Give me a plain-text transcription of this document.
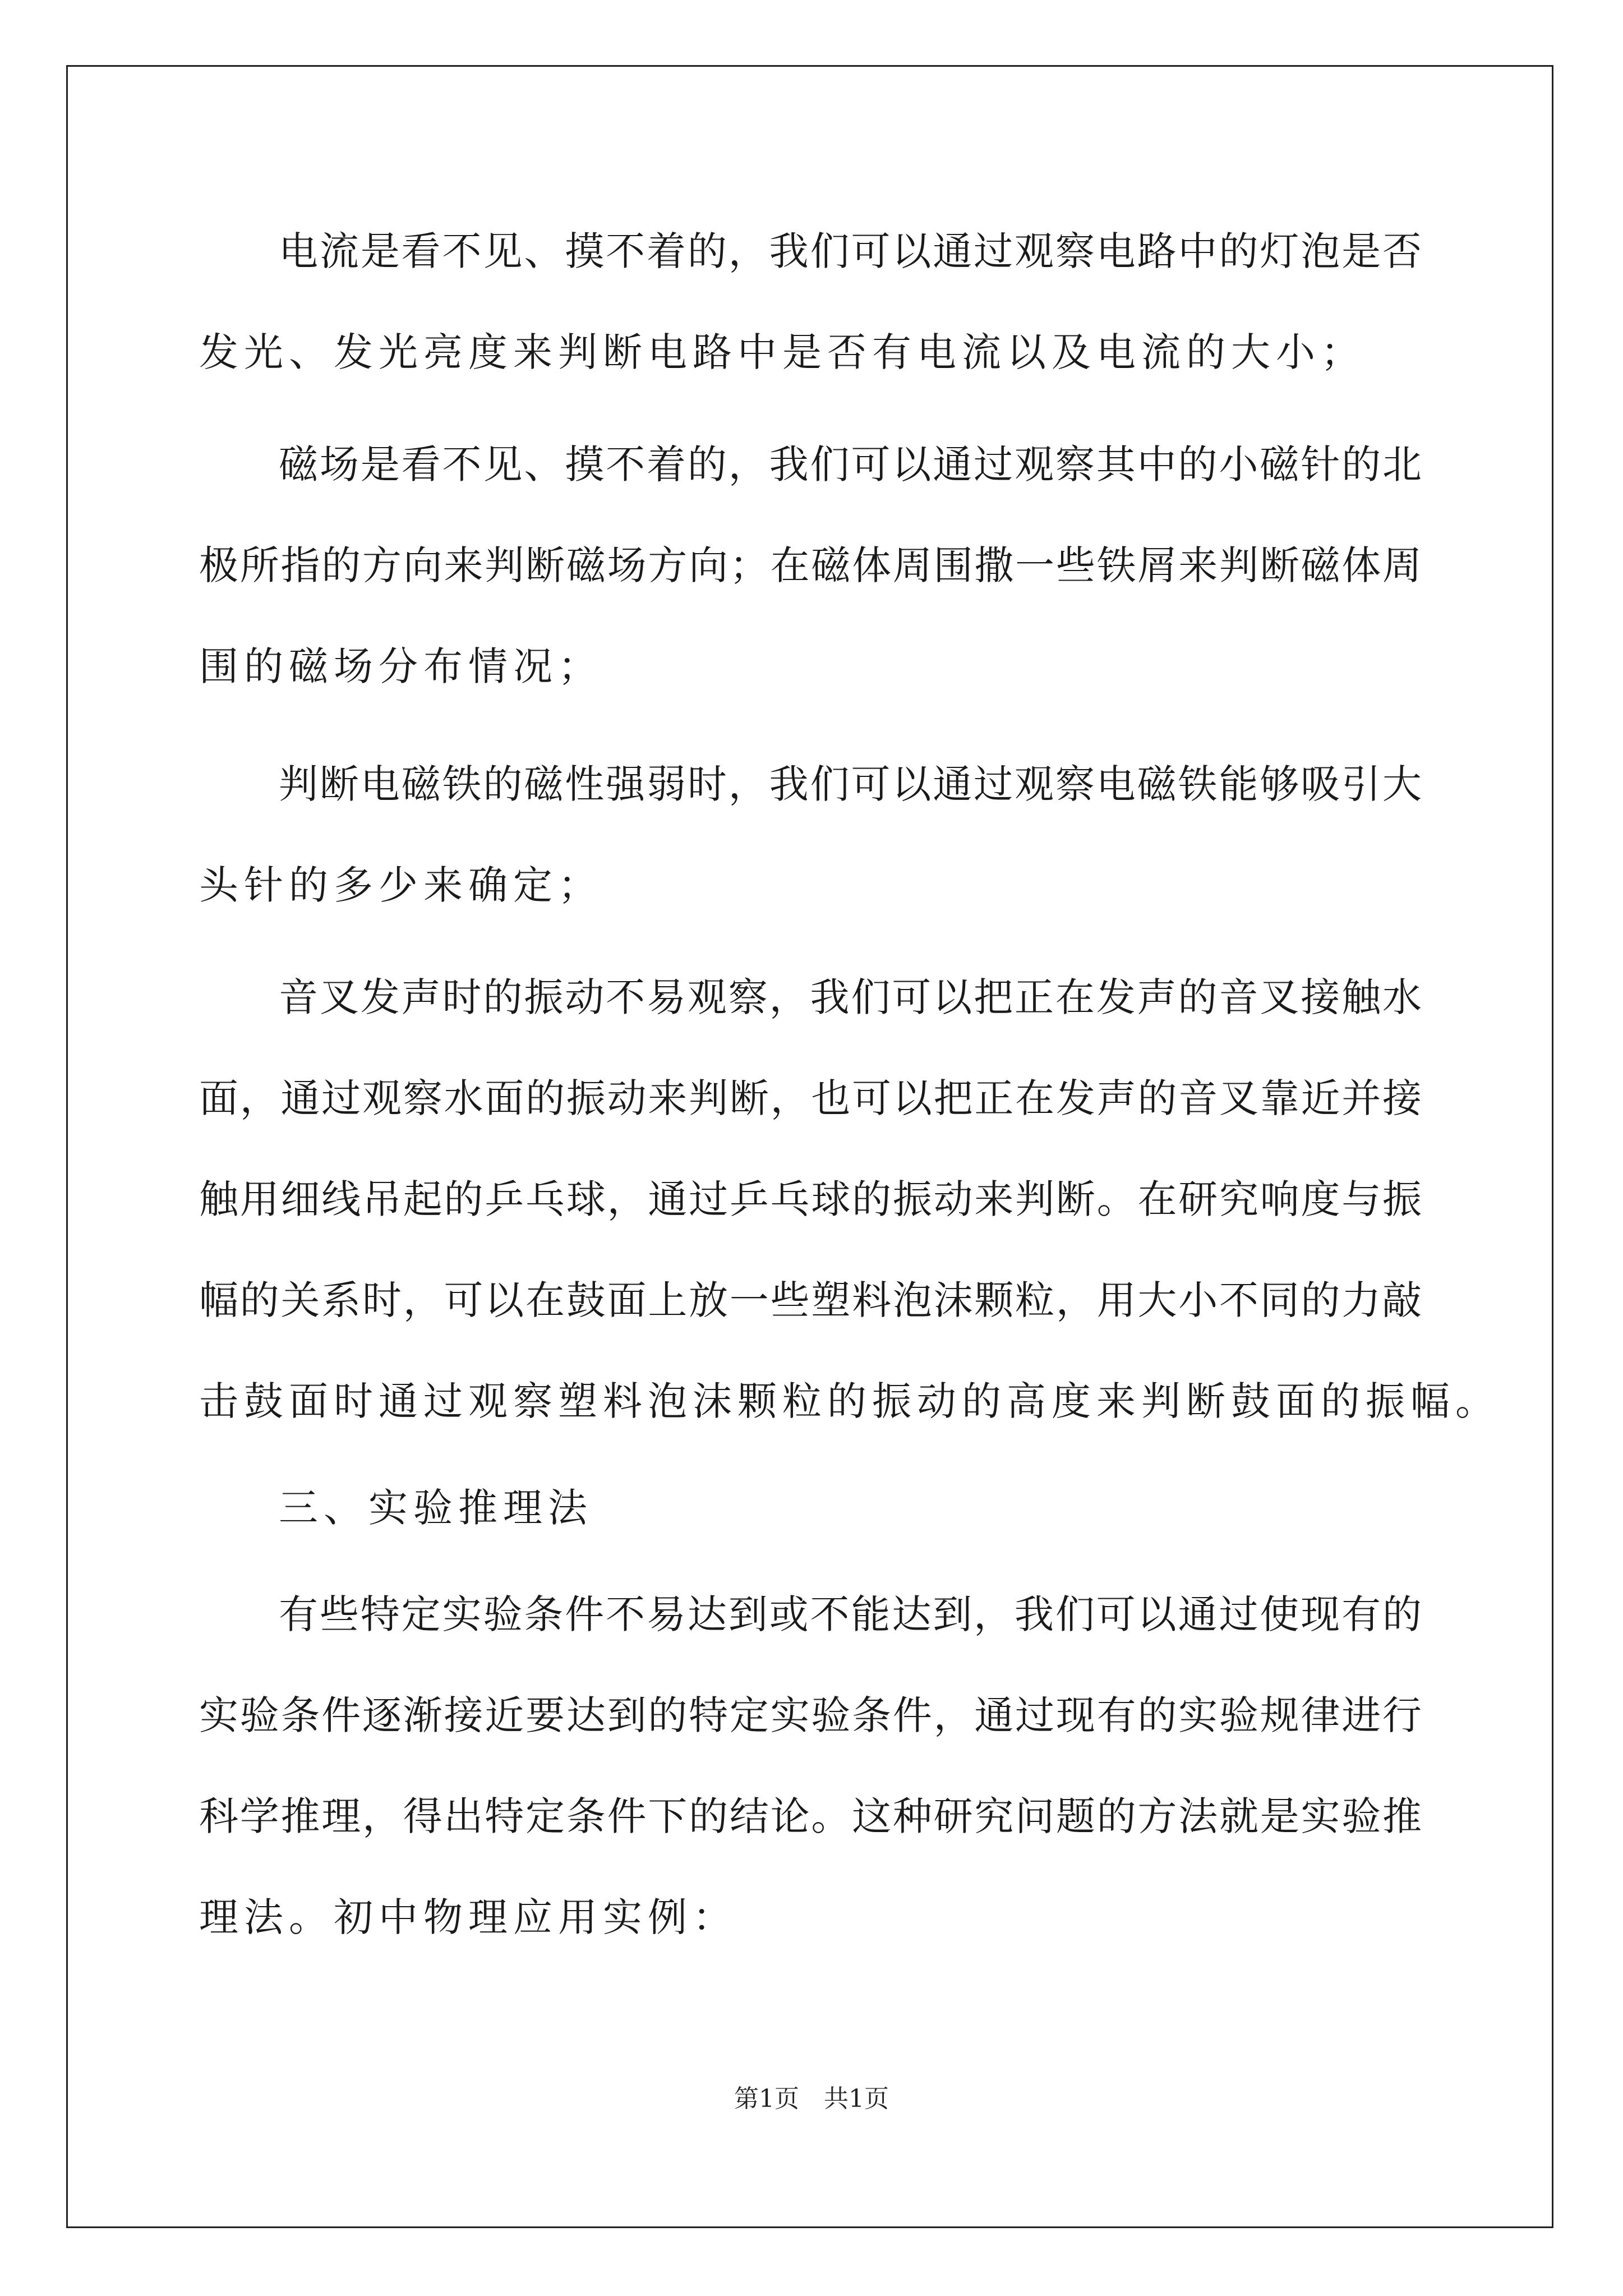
电流是看不见、摸不着的，我们可以通过观察电路中的灯泡是否
发光、发光亮度来判断电路中是否有电流以及电流的大小；
磁场是看不见、摸不着的，我们可以通过观察其中的小磁针的北
极所指的方向来判断磁场方向；在磁体周围撒一些铁屑来判断磁体周
围的磁场分布情况；
判断电磁铁的磁性强弱时，我们可以通过观察电磁铁能够吸引大
头针的多少来确定；
音叉发声时的振动不易观察，我们可以把正在发声的音叉接触水
面，通过观察水面的振动来判断，也可以把正在发声的音叉靠近并接
触用细线吊起的乒乓球，通过乒乓球的振动来判断。在研究响度与振
幅的关系时，可以在鼓面上放一些塑料泡沫颗粒，用大小不同的力敲
击鼓面时通过观察塑料泡沫颗粒的振动的高度来判断鼓面的振幅。
三、实验推理法
有些特定实验条件不易达到或不能达到，我们可以通过使现有的
实验条件逐渐接近要达到的特定实验条件，通过现有的实验规律进行
科学推理，得出特定条件下的结论。这种研究问题的方法就是实验推
理法。初中物理应用实例：
第1页　共1页
